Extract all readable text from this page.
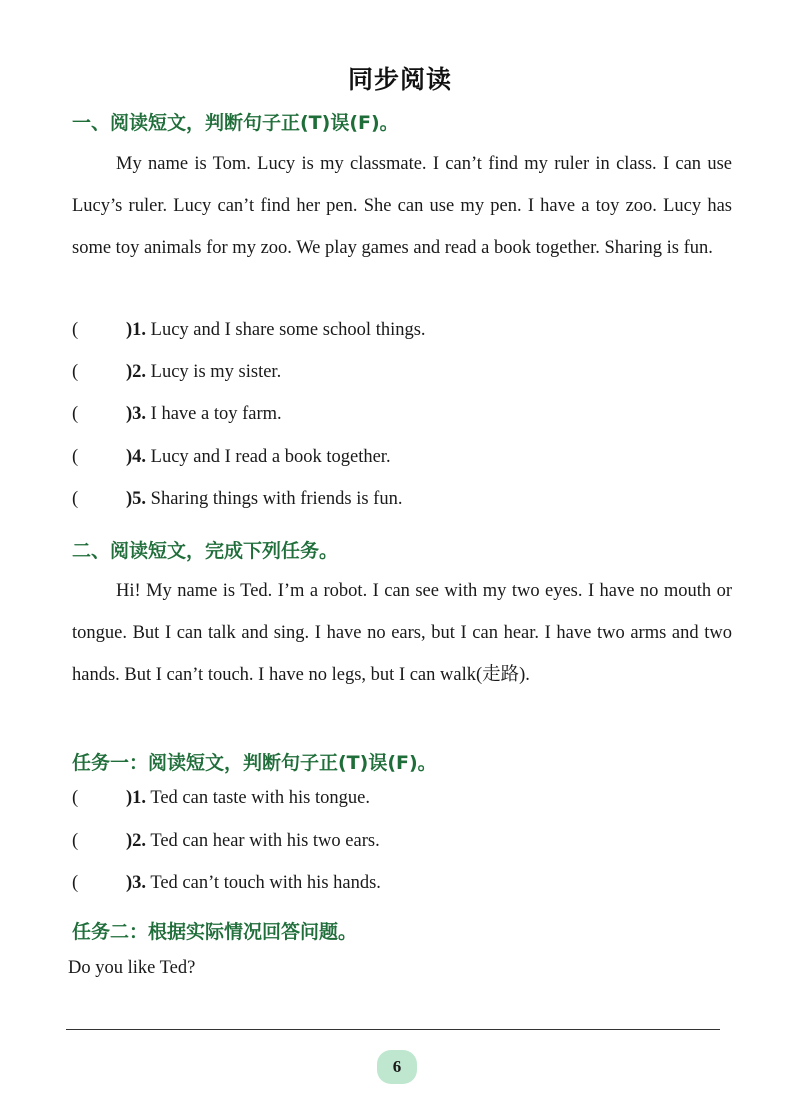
同步阅读
一、阅读短文，判断句子正(T)误(F)。
My name is Tom. Lucy is my classmate. I can’t find my ruler in class. I can use Lucy’s ruler. Lucy can’t find her pen. She can use my pen. I have a toy zoo. Lucy has some toy animals for my zoo. We play games and read a book together. Sharing is fun.
(	)1. Lucy and I share some school things.
(	)2. Lucy is my sister.
(	)3. I have a toy farm.
(	)4. Lucy and I read a book together.
(	)5. Sharing things with friends is fun.
二、阅读短文，完成下列任务。
Hi! My name is Ted. I’m a robot. I can see with my two eyes. I have no mouth or tongue. But I can talk and sing. I have no ears, but I can hear. I have two arms and two hands. But I can’t touch. I have no legs, but I can walk(走路).
任务一：阅读短文，判断句子正(T)误(F)。
(	)1. Ted can taste with his tongue.
(	)2. Ted can hear with his two ears.
(	)3. Ted can’t touch with his hands.
任务二：根据实际情况回答问题。
Do you like Ted?
6
